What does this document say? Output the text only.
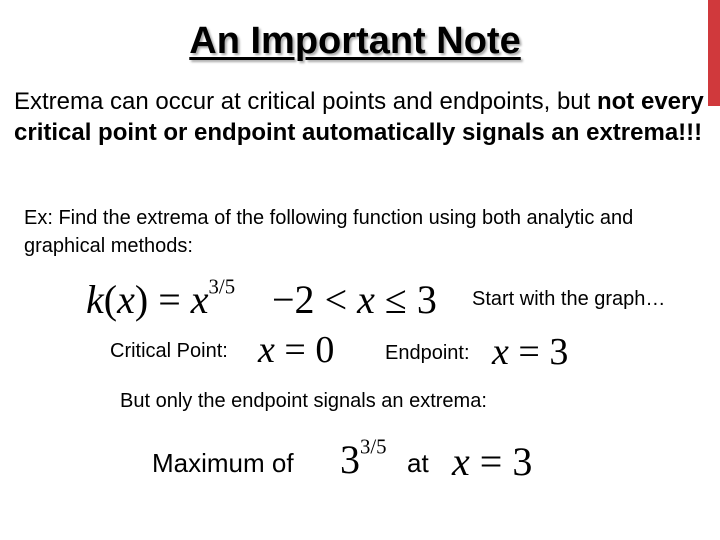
An Important Note
Extrema can occur at critical points and endpoints, but not every critical point or endpoint automatically signals an extrema!!!
Ex: Find the extrema of the following function using both analytic and graphical methods:
$k(x) = x^{3/5} -2 < x \le 3$ Start with the graph…
Critical Point: x = 0	Endpoint: x = 3
But only the endpoint signals an extrema:
Maximum of $3^{3/5}$
at x = 3
